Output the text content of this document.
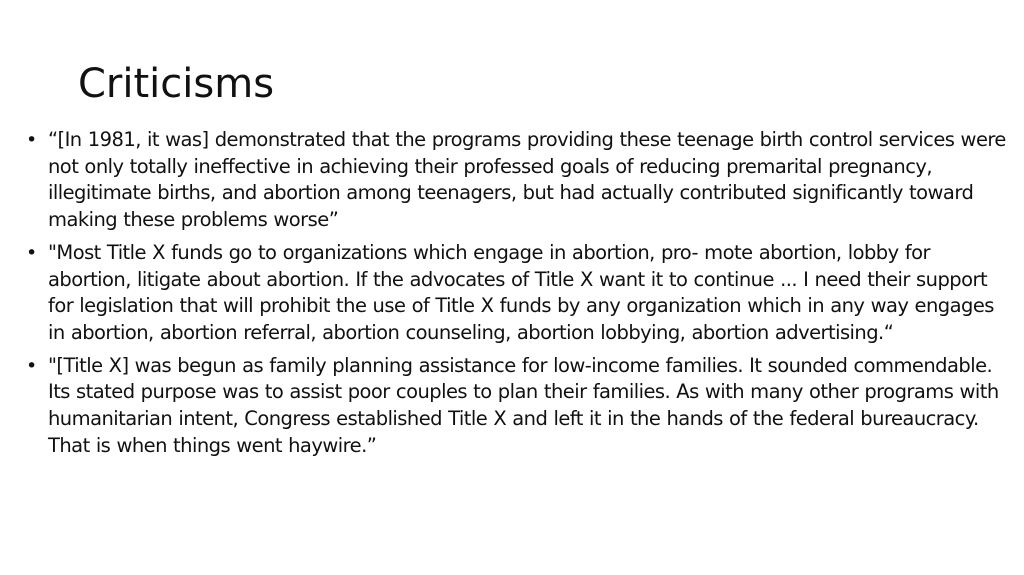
Criticisms
• “[In 1981, it was] demonstrated that the programs providing these teenage birth control services were not only totally ineffective in achieving their professed goals of reducing premarital pregnancy, illegitimate births, and abortion among teenagers, but had actually contributed significantly toward making these problems worse”
• "Most Title X funds go to organizations which engage in abortion, pro- mote abortion, lobby for abortion, litigate about abortion. If the advocates of Title X want it to continue ... I need their support for legislation that will prohibit the use of Title X funds by any organization which in any way engages in abortion, abortion referral, abortion counseling, abortion lobbying, abortion advertising.“
• "[Title X] was begun as family planning assistance for low-income families. It sounded commendable. Its stated purpose was to assist poor couples to plan their families. As with many other programs with humanitarian intent, Congress established Title X and left it in the hands of the federal bureaucracy. That is when things went haywire.”
